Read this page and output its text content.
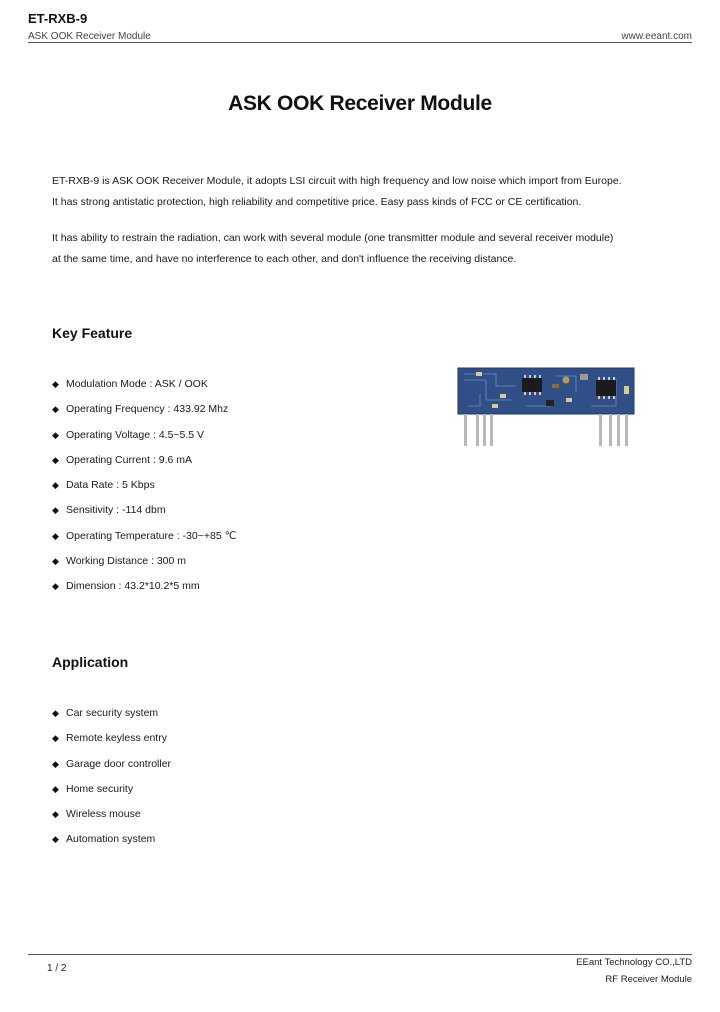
ET-RXB-9
ASK OOK Receiver Module	www.eeant.com
ASK OOK Receiver Module
ET-RXB-9 is ASK OOK Receiver Module, it adopts LSI circuit with high frequency and low noise which import from Europe.
It has strong antistatic protection, high reliability and competitive price. Easy pass kinds of FCC or CE certification.
It has ability to restrain the radiation, can work with several module (one transmitter module and several receiver module)
at the same time, and have no interference to each other, and don't influence the receiving distance.
Key Feature
◆ Modulation Mode : ASK / OOK
◆ Operating Frequency : 433.92 Mhz
◆ Operating Voltage : 4.5~5.5 V
◆ Operating Current : 9.6 mA
◆ Data Rate : 5 Kbps
◆ Sensitivity : -114 dbm
◆ Operating Temperature : -30~+85 ℃
◆ Working Distance : 300 m
◆ Dimension : 43.2*10.2*5 mm
Application
◆ Car security system
◆ Remote keyless entry
◆ Garage door controller
◆ Home security
◆ Wireless mouse
◆ Automation system
1 / 2
EEant Technology CO.,LTD
RF Receiver Module
